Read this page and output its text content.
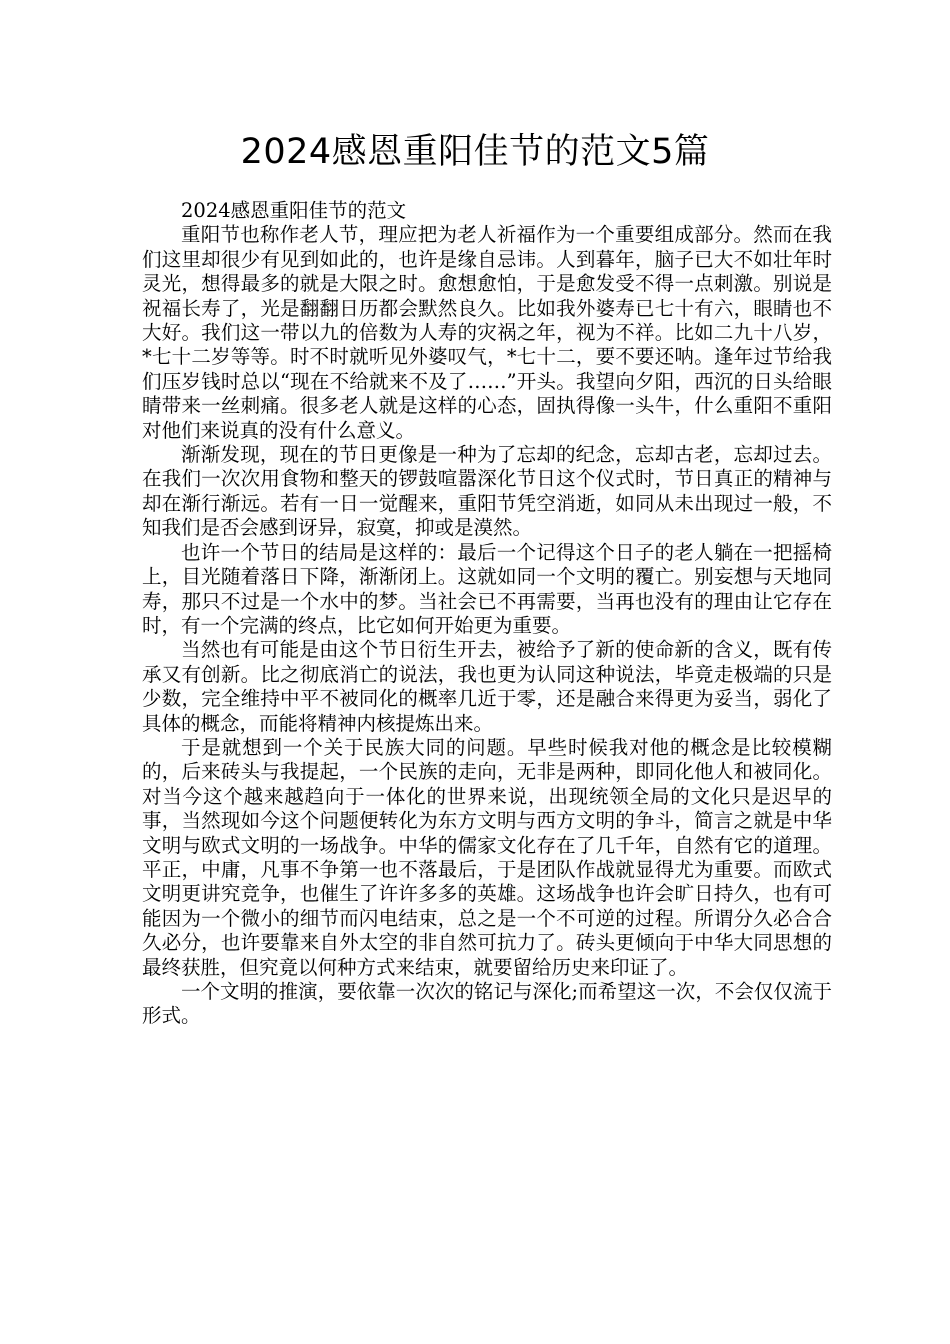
2024感恩重阳佳节的范文5篇

2024感恩重阳佳节的范文

重阳节也称作老人节，理应把为老人祈福作为一个重要组成部分。然而在我们这里却很少有见到如此的，也许是缘自忌讳。人到暮年，脑子已大不如壮年时灵光，想得最多的就是大限之时。愈想愈怕，于是愈发受不得一点刺激。别说是祝福长寿了，光是翻翻日历都会默然良久。比如我外婆寿已七十有六，眼睛也不大好。我们这一带以九的倍数为人寿的灾祸之年，视为不祥。比如二九十八岁，*七十二岁等等。时不时就听见外婆叹气，*七十二，要不要还呐。逢年过节给我们压岁钱时总以“现在不给就来不及了……”开头。我望向夕阳，西沉的日头给眼睛带来一丝刺痛。很多老人就是这样的心态，固执得像一头牛，什么重阳不重阳对他们来说真的没有什么意义。

渐渐发现，现在的节日更像是一种为了忘却的纪念，忘却古老，忘却过去。在我们一次次用食物和整天的锣鼓喧嚣深化节日这个仪式时，节日真正的精神与却在渐行渐远。若有一日一觉醒来，重阳节凭空消逝，如同从未出现过一般，不知我们是否会感到讶异，寂寞，抑或是漠然。

也许一个节日的结局是这样的：最后一个记得这个日子的老人躺在一把摇椅上，目光随着落日下降，渐渐闭上。这就如同一个文明的覆亡。别妄想与天地同寿，那只不过是一个水中的梦。当社会已不再需要，当再也没有的理由让它存在时，有一个完满的终点，比它如何开始更为重要。

当然也有可能是由这个节日衍生开去，被给予了新的使命新的含义，既有传承又有创新。比之彻底消亡的说法，我也更为认同这种说法，毕竟走极端的只是少数，完全维持中平不被同化的概率几近于零，还是融合来得更为妥当，弱化了具体的概念，而能将精神内核提炼出来。

于是就想到一个关于民族大同的问题。早些时候我对他的概念是比较模糊的，后来砖头与我提起，一个民族的走向，无非是两种，即同化他人和被同化。对当今这个越来越趋向于一体化的世界来说，出现统领全局的文化只是迟早的事，当然现如今这个问题便转化为东方文明与西方文明的争斗，简言之就是中华文明与欧式文明的一场战争。中华的儒家文化存在了几千年，自然有它的道理。平正，中庸，凡事不争第一也不落最后，于是团队作战就显得尤为重要。而欧式文明更讲究竞争，也催生了许许多多的英雄。这场战争也许会旷日持久，也有可能因为一个微小的细节而闪电结束，总之是一个不可逆的过程。所谓分久必合合久必分，也许要靠来自外太空的非自然可抗力了。砖头更倾向于中华大同思想的最终获胜，但究竟以何种方式来结束，就要留给历史来印证了。

一个文明的推演，要依靠一次次的铭记与深化;而希望这一次，不会仅仅流于形式。
